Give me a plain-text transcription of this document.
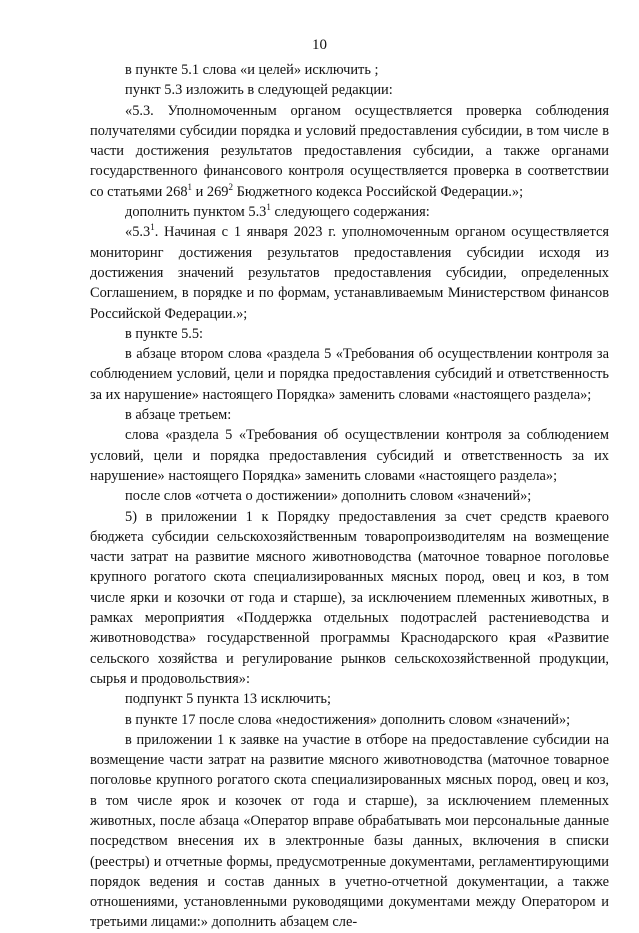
10

в пункте 5.1 слова «и целей» исключить ;

пункт 5.3 изложить в следующей редакции:

«5.3. Уполномоченным органом осуществляется проверка соблюдения получателями субсидии порядка и условий предоставления субсидии, в том числе в части достижения результатов предоставления субсидии, а также органами государственного финансового контроля осуществляется проверка в соответствии со статьями $268^1$ и $269^2$ Бюджетного кодекса Российской Федерации.»;

дополнить пунктом $5.3^1$ следующего содержания:

«$5.3^1$. Начиная с 1 января 2023 г. уполномоченным органом осуществляется мониторинг достижения результатов предоставления субсидии исходя из достижения значений результатов предоставления субсидии, определенных Соглашением, в порядке и по формам, устанавливаемым Министерством финансов Российской Федерации.»;

в пункте 5.5:

в абзаце втором слова «раздела 5 «Требования об осуществлении контроля за соблюдением условий, цели и порядка предоставления субсидий и ответственность за их нарушение» настоящего Порядка» заменить словами «настоящего раздела»;

в абзаце третьем:

слова «раздела 5 «Требования об осуществлении контроля за соблюдением условий, цели и порядка предоставления субсидий и ответственность за их нарушение» настоящего Порядка» заменить словами «настоящего раздела»;

после слов «отчета о достижении» дополнить словом «значений»;

5) в приложении 1 к Порядку предоставления за счет средств краевого бюджета субсидии сельскохозяйственным товаропроизводителям на возмещение части затрат на развитие мясного животноводства (маточное товарное поголовье крупного рогатого скота специализированных мясных пород, овец и коз, в том числе ярки и козочки от года и старше), за исключением племенных животных, в рамках мероприятия «Поддержка отдельных подотраслей растениеводства и животноводства» государственной программы Краснодарского края «Развитие сельского хозяйства и регулирование рынков сельскохозяйственной продукции, сырья и продовольствия»:

подпункт 5 пункта 13 исключить;

в пункте 17 после слова «недостижения» дополнить словом «значений»;

в приложении 1 к заявке на участие в отборе на предоставление субсидии на возмещение части затрат на развитие мясного животноводства (маточное товарное поголовье крупного рогатого скота специализированных мясных пород, овец и коз, в том числе ярок и козочек от года и старше), за исключением племенных животных, после абзаца «Оператор вправе обрабатывать мои персональные данные посредством внесения их в электронные базы данных, включения в списки (реестры) и отчетные формы, предусмотренные документами, регламентирующими порядок ведения и состав данных в учетно-отчетной документации, а также отношениями, установленными руководящими документами между Оператором и третьими лицами:» дополнить абзацем сле-
